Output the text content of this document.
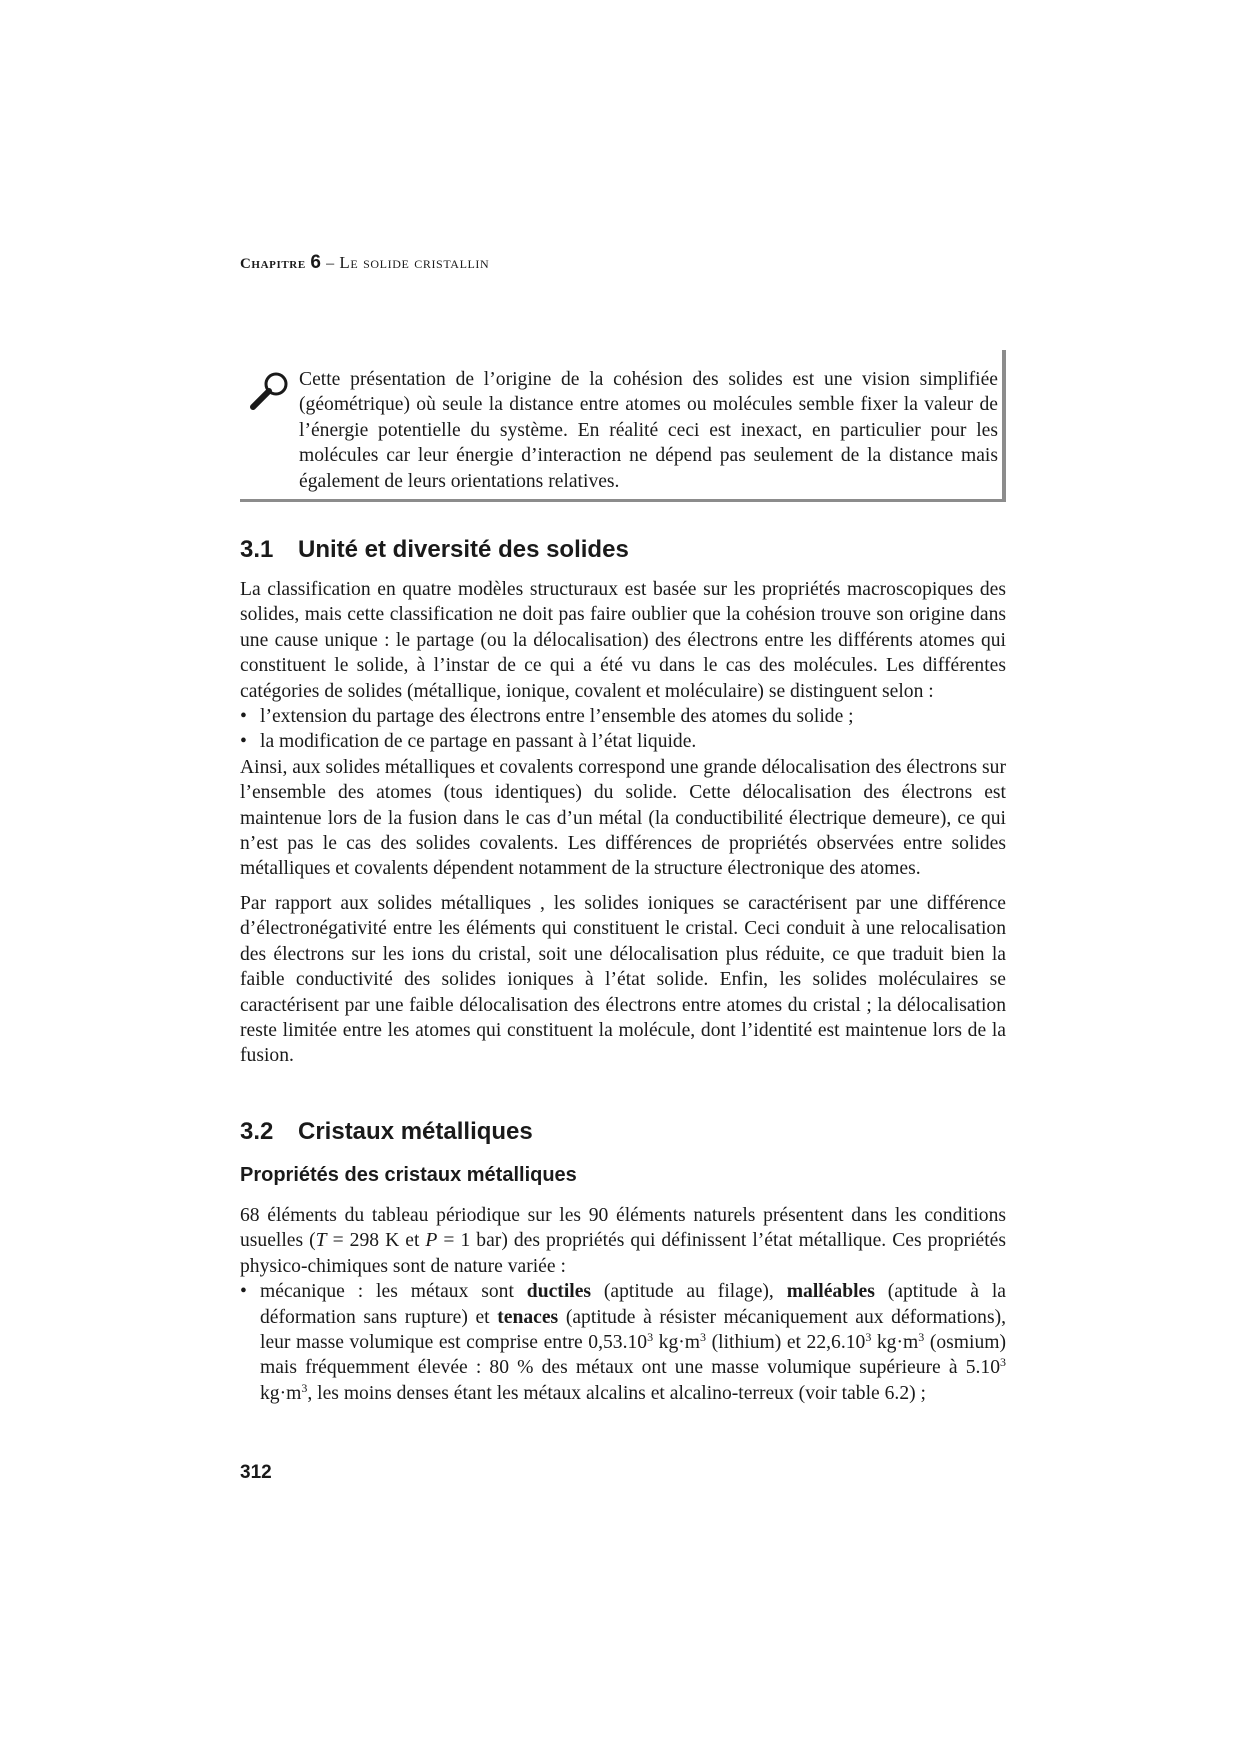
Chapitre 6 – Le solide cristallin
Cette présentation de l’origine de la cohésion des solides est une vision simplifiée (géométrique) où seule la distance entre atomes ou molécules semble fixer la valeur de l’énergie potentielle du système. En réalité ceci est inexact, en particulier pour les molécules car leur énergie d’interaction ne dépend pas seulement de la distance mais également de leurs orientations relatives.
3.1 Unité et diversité des solides

La classification en quatre modèles structuraux est basée sur les propriétés macroscopiques des solides, mais cette classification ne doit pas faire oublier que la cohésion trouve son origine dans une cause unique : le partage (ou la délocalisation) des électrons entre les différents atomes qui constituent le solide, à l’instar de ce qui a été vu dans le cas des molécules. Les différentes catégories de solides (métallique, ionique, covalent et moléculaire) se distinguent selon :

• l’extension du partage des électrons entre l’ensemble des atomes du solide ;
• la modification de ce partage en passant à l’état liquide.

Ainsi, aux solides métalliques et covalents correspond une grande délocalisation des électrons sur l’ensemble des atomes (tous identiques) du solide. Cette délocalisation des électrons est maintenue lors de la fusion dans le cas d’un métal (la conductibilité électrique demeure), ce qui n’est pas le cas des solides covalents. Les différences de propriétés observées entre solides métalliques et covalents dépendent notamment de la structure électronique des atomes.

Par rapport aux solides métalliques , les solides ioniques se caractérisent par une différence d’électronégativité entre les éléments qui constituent le cristal. Ceci conduit à une relocalisation des électrons sur les ions du cristal, soit une délocalisation plus réduite, ce que traduit bien la faible conductivité des solides ioniques à l’état solide. Enfin, les solides moléculaires se caractérisent par une faible délocalisation des électrons entre atomes du cristal ; la délocalisation reste limitée entre les atomes qui constituent la molécule, dont l’identité est maintenue lors de la fusion.

3.2 Cristaux métalliques
Propriétés des cristaux métalliques

68 éléments du tableau périodique sur les 90 éléments naturels présentent dans les conditions usuelles (T = 298 K et P = 1 bar) des propriétés qui définissent l’état métallique. Ces propriétés physico-chimiques sont de nature variée :

• mécanique : les métaux sont ductiles (aptitude au filage), malléables (aptitude à la déformation sans rupture) et tenaces (aptitude à résister mécaniquement aux déformations), leur masse volumique est comprise entre 0,53.10$^3$ $kg\cdot m^3$ (lithium) et 22,6.10$^3$ $kg\cdot m^3$ (osmium) mais fréquemment élevée : 80 % des métaux ont une masse volumique supérieure à 5.10$^3$ $kg\cdot m^3$, les moins denses étant les métaux alcalins et alcalino-terreux (voir table 6.2) ;
312
